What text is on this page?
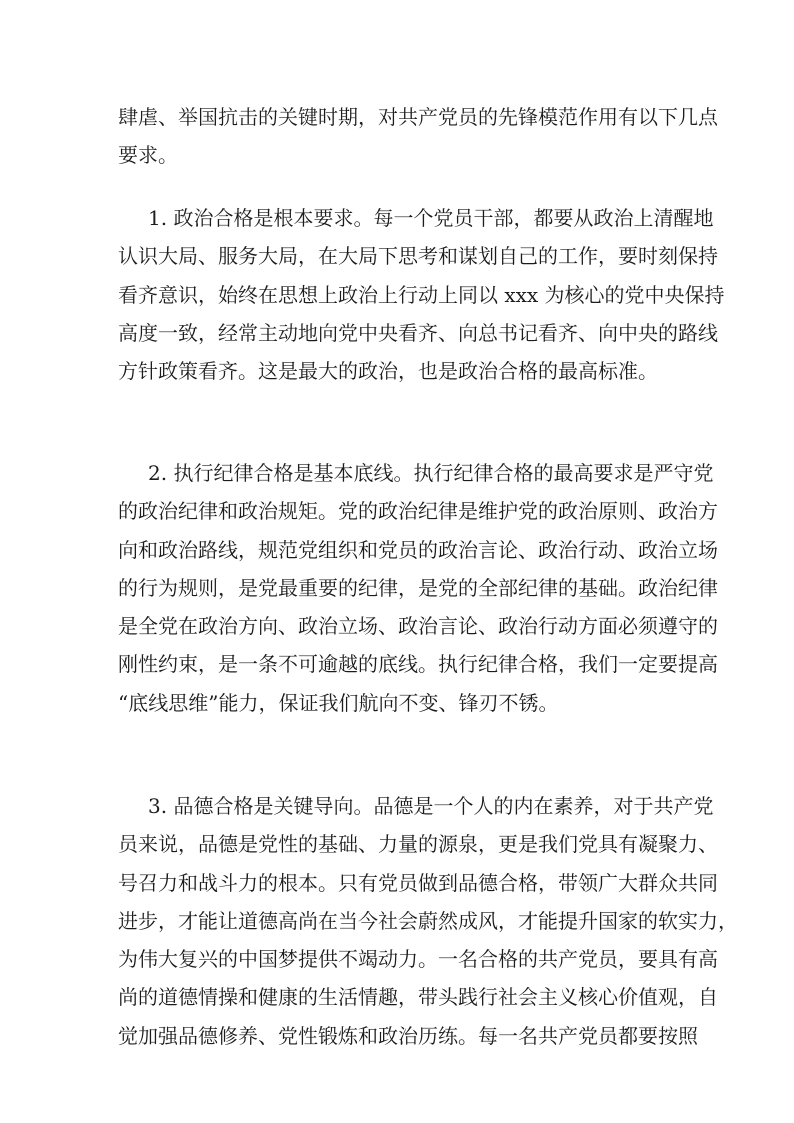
肆虐、举国抗击的关键时期，对共产党员的先锋模范作用有以下几点
要求。
1. 政治合格是根本要求。每一个党员干部，都要从政治上清醒地
认识大局、服务大局，在大局下思考和谋划自己的工作，要时刻保持
看齐意识，始终在思想上政治上行动上同以 xxx 为核心的党中央保持
高度一致，经常主动地向党中央看齐、向总书记看齐、向中央的路线
方针政策看齐。这是最大的政治，也是政治合格的最高标准。
2. 执行纪律合格是基本底线。执行纪律合格的最高要求是严守党
的政治纪律和政治规矩。党的政治纪律是维护党的政治原则、政治方
向和政治路线，规范党组织和党员的政治言论、政治行动、政治立场
的行为规则，是党最重要的纪律，是党的全部纪律的基础。政治纪律
是全党在政治方向、政治立场、政治言论、政治行动方面必须遵守的
刚性约束，是一条不可逾越的底线。执行纪律合格，我们一定要提高
“底线思维”能力，保证我们航向不变、锋刃不锈。
3. 品德合格是关键导向。品德是一个人的内在素养，对于共产党
员来说，品德是党性的基础、力量的源泉，更是我们党具有凝聚力、
号召力和战斗力的根本。只有党员做到品德合格，带领广大群众共同
进步，才能让道德高尚在当今社会蔚然成风，才能提升国家的软实力，
为伟大复兴的中国梦提供不竭动力。一名合格的共产党员，要具有高
尚的道德情操和健康的生活情趣，带头践行社会主义核心价值观，自
觉加强品德修养、党性锻炼和政治历练。每一名共产党员都要按照
